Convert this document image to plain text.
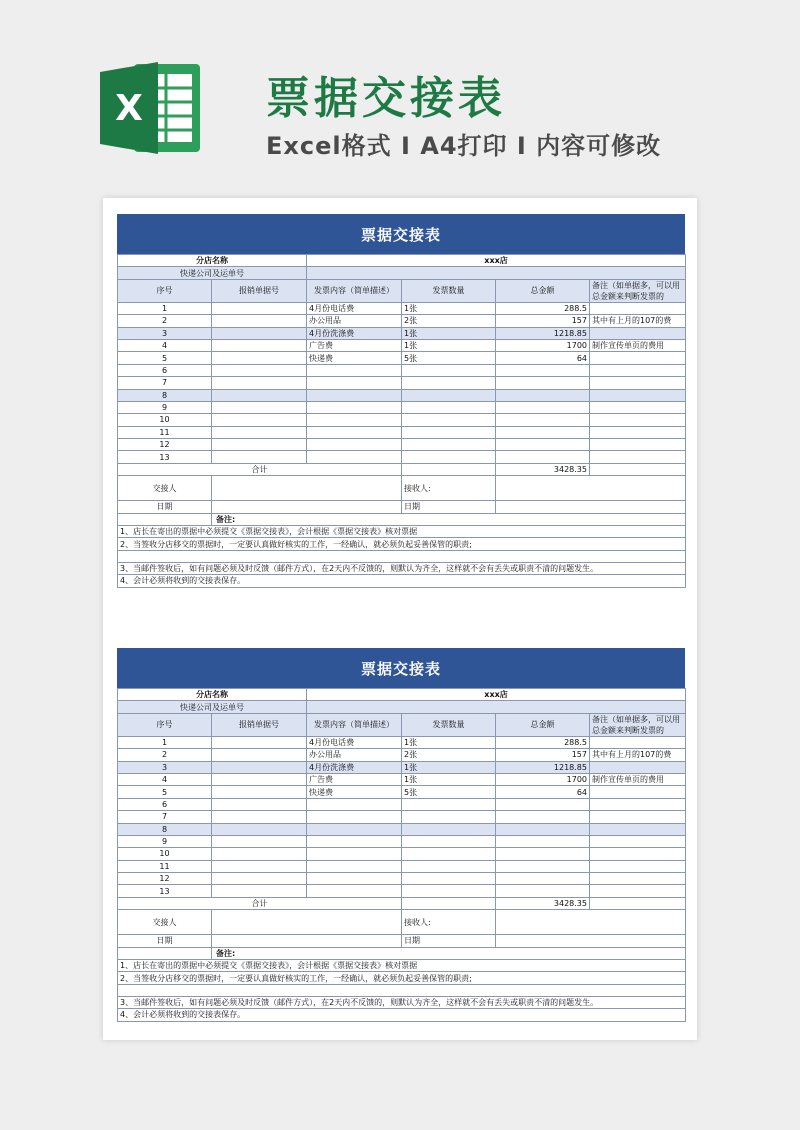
X	票据交接表
Excel格式 I A4打印 I 内容可修改
票据交接表
分店名称		xxx店			
快递公司及运单号					
序号	报销单据号	发票内容（简单描述）	发票数量	总金额	备注（如单据多，可以用总金额来判断发票的
1		4月份电话费	1张	288.5	
2		办公用品	2张	157	其中有上月的107的费
3		4月份洗涤费	1张	1218.85	
4		广告费	1张	1700	制作宣传单页的费用
5		快递费	5张	64	
6					
7					
8					
9					
10					
11					
12					
13					
合计				3428.35	
交接人			接收人:		
日期			日期		
	备注:				
1、店长在寄出的票据中必须提交《票据交接表》，会计根据《票据交接表》核对票据					
2、当签收分店移交的票据时，一定要认真做好核实的工作，一经确认，就必须负起妥善保管的职责;					

3、当邮件签收后，如有问题必须及时反馈（邮件方式），在2天内不反馈的，则默认为齐全，这样就不会有丢失或职责不清的问题发生。					
4、会计必须将收到的交接表保存。					
票据交接表
分店名称		xxx店			
快递公司及运单号					
序号	报销单据号	发票内容（简单描述）	发票数量	总金额	备注（如单据多，可以用总金额来判断发票的
1		4月份电话费	1张	288.5	
2		办公用品	2张	157	其中有上月的107的费
3		4月份洗涤费	1张	1218.85	
4		广告费	1张	1700	制作宣传单页的费用
5		快递费	5张	64	
6					
7					
8					
9					
10					
11					
12					
13					
合计				3428.35	
交接人			接收人:		
日期			日期		
	备注:				
1、店长在寄出的票据中必须提交《票据交接表》，会计根据《票据交接表》核对票据					
2、当签收分店移交的票据时，一定要认真做好核实的工作，一经确认，就必须负起妥善保管的职责;					

3、当邮件签收后，如有问题必须及时反馈（邮件方式），在2天内不反馈的，则默认为齐全，这样就不会有丢失或职责不清的问题发生。					
4、会计必须将收到的交接表保存。					
